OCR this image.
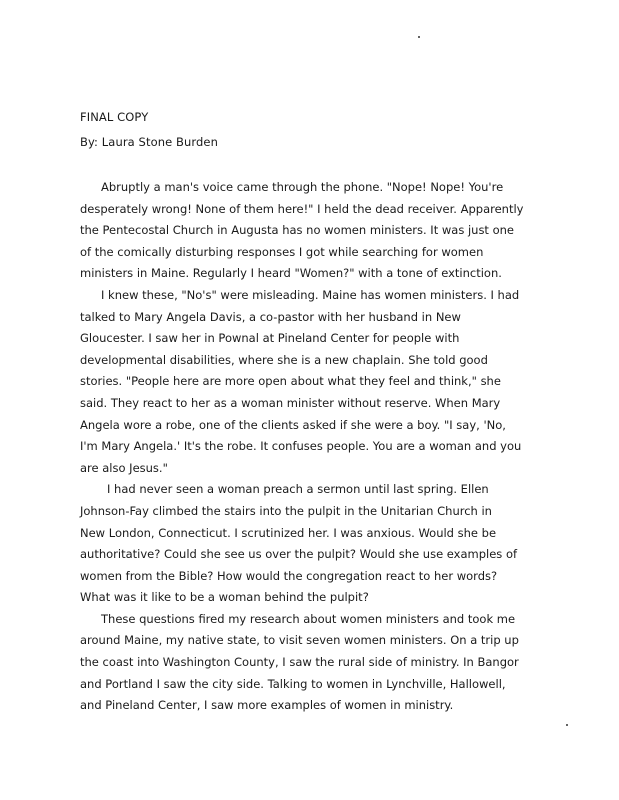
FINAL COPY
By: Laura Stone Burden

Abruptly a man's voice came through the phone. "Nope! Nope! You're
desperately wrong! None of them here!" I held the dead receiver. Apparently
the Pentecostal Church in Augusta has no women ministers. It was just one
of the comically disturbing responses I got while searching for women
ministers in Maine. Regularly I heard "Women?" with a tone of extinction.

I knew these, "No's" were misleading. Maine has women ministers. I had
talked to Mary Angela Davis, a co-pastor with her husband in New
Gloucester. I saw her in Pownal at Pineland Center for people with
developmental disabilities, where she is a new chaplain. She told good
stories. "People here are more open about what they feel and think," she
said. They react to her as a woman minister without reserve. When Mary
Angela wore a robe, one of the clients asked if she were a boy. "I say, 'No,
I'm Mary Angela.' It's the robe. It confuses people. You are a woman and you
are also Jesus."

I had never seen a woman preach a sermon until last spring. Ellen
Johnson-Fay climbed the stairs into the pulpit in the Unitarian Church in
New London, Connecticut. I scrutinized her. I was anxious. Would she be
authoritative? Could she see us over the pulpit? Would she use examples of
women from the Bible? How would the congregation react to her words?
What was it like to be a woman behind the pulpit?

These questions fired my research about women ministers and took me
around Maine, my native state, to visit seven women ministers. On a trip up
the coast into Washington County, I saw the rural side of ministry. In Bangor
and Portland I saw the city side. Talking to women in Lynchville, Hallowell,
and Pineland Center, I saw more examples of women in ministry.
